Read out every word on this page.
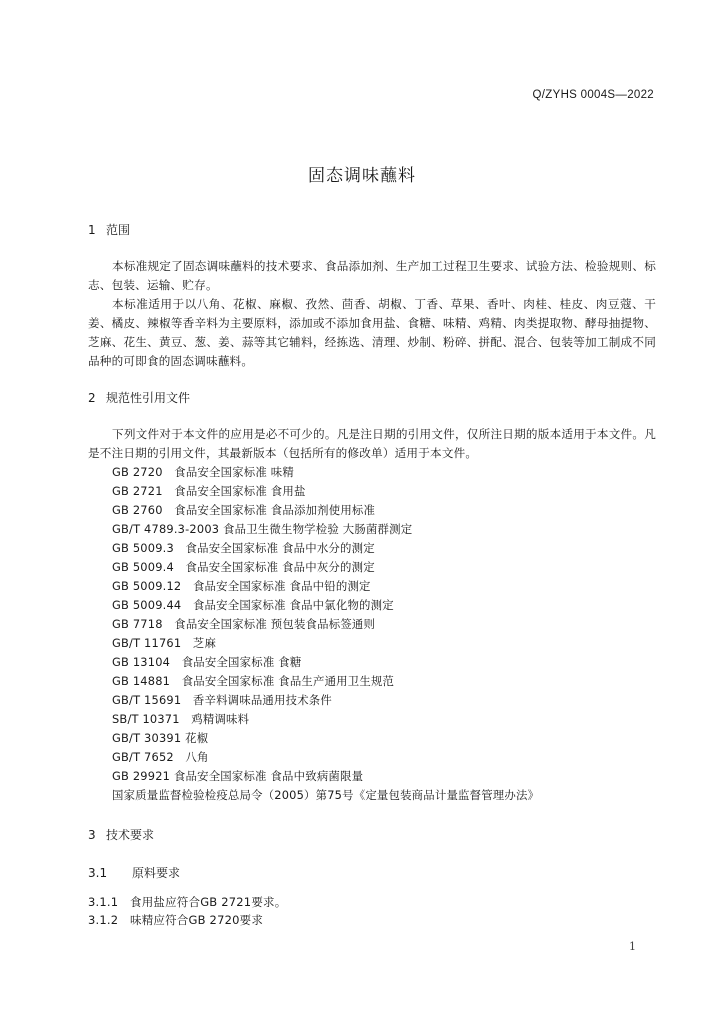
Q/ZYHS 0004S—2022
固态调味蘸料
1 范围

本标准规定了固态调味蘸料的技术要求、食品添加剂、生产加工过程卫生要求、试验方法、检验规则、标志、包装、运输、贮存。

本标准适用于以八角、花椒、麻椒、孜然、茴香、胡椒、丁香、草果、香叶、肉桂、桂皮、肉豆蔻、干姜、橘皮、辣椒等香辛料为主要原料，添加或不添加食用盐、食糖、味精、鸡精、肉类提取物、酵母抽提物、芝麻、花生、黄豆、葱、姜、蒜等其它辅料，经拣选、清理、炒制、粉碎、拼配、混合、包装等加工制成不同品种的可即食的固态调味蘸料。

2 规范性引用文件

下列文件对于本文件的应用是必不可少的。凡是注日期的引用文件，仅所注日期的版本适用于本文件。凡是不注日期的引用文件，其最新版本（包括所有的修改单）适用于本文件。

GB 2720　食品安全国家标准 味精
GB 2721　食品安全国家标准 食用盐
GB 2760　食品安全国家标准 食品添加剂使用标准
GB/T 4789.3-2003 食品卫生微生物学检验 大肠菌群测定
GB 5009.3　食品安全国家标准 食品中水分的测定
GB 5009.4　食品安全国家标准 食品中灰分的测定
GB 5009.12　食品安全国家标准 食品中铅的测定
GB 5009.44　食品安全国家标准 食品中氯化物的测定
GB 7718　食品安全国家标准 预包装食品标签通则
GB/T 11761　芝麻
GB 13104　食品安全国家标准 食糖
GB 14881　食品安全国家标准 食品生产通用卫生规范
GB/T 15691　香辛料调味品通用技术条件
SB/T 10371　鸡精调味料
GB/T 30391 花椒
GB/T 7652　八角
GB 29921 食品安全国家标准 食品中致病菌限量
国家质量监督检验检疫总局令（2005）第75号《定量包装商品计量监督管理办法》
3 技术要求
3.1 原料要求
3.1.1 食用盐应符合GB 2721要求。
3.1.2 味精应符合GB 2720要求
1
